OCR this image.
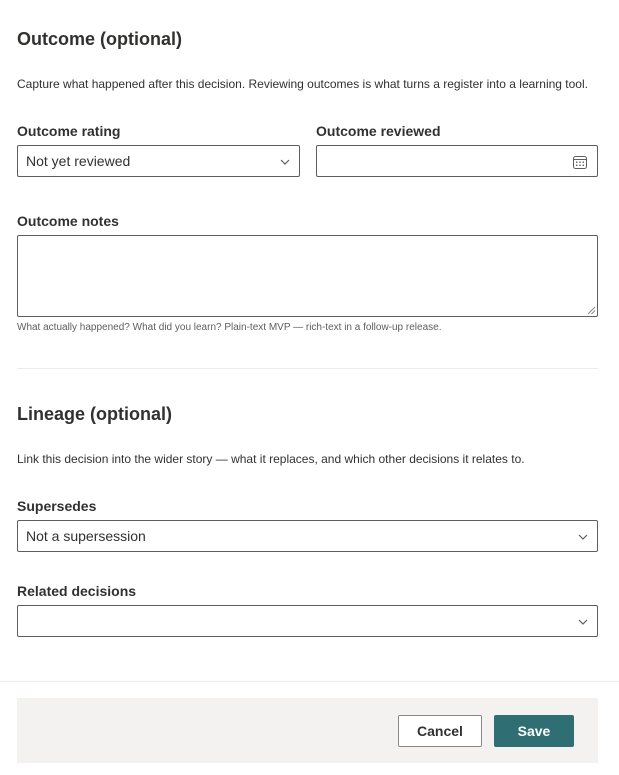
Outcome (optional)
Capture what happened after this decision. Reviewing outcomes is what turns a register into a learning tool.
Outcome rating
Not yet reviewed
Outcome reviewed
Outcome notes
What actually happened? What did you learn? Plain-text MVP — rich-text in a follow-up release.
Lineage (optional)
Link this decision into the wider story — what it replaces, and which other decisions it relates to.
Supersedes
Not a supersession
Related decisions
Cancel	Save
